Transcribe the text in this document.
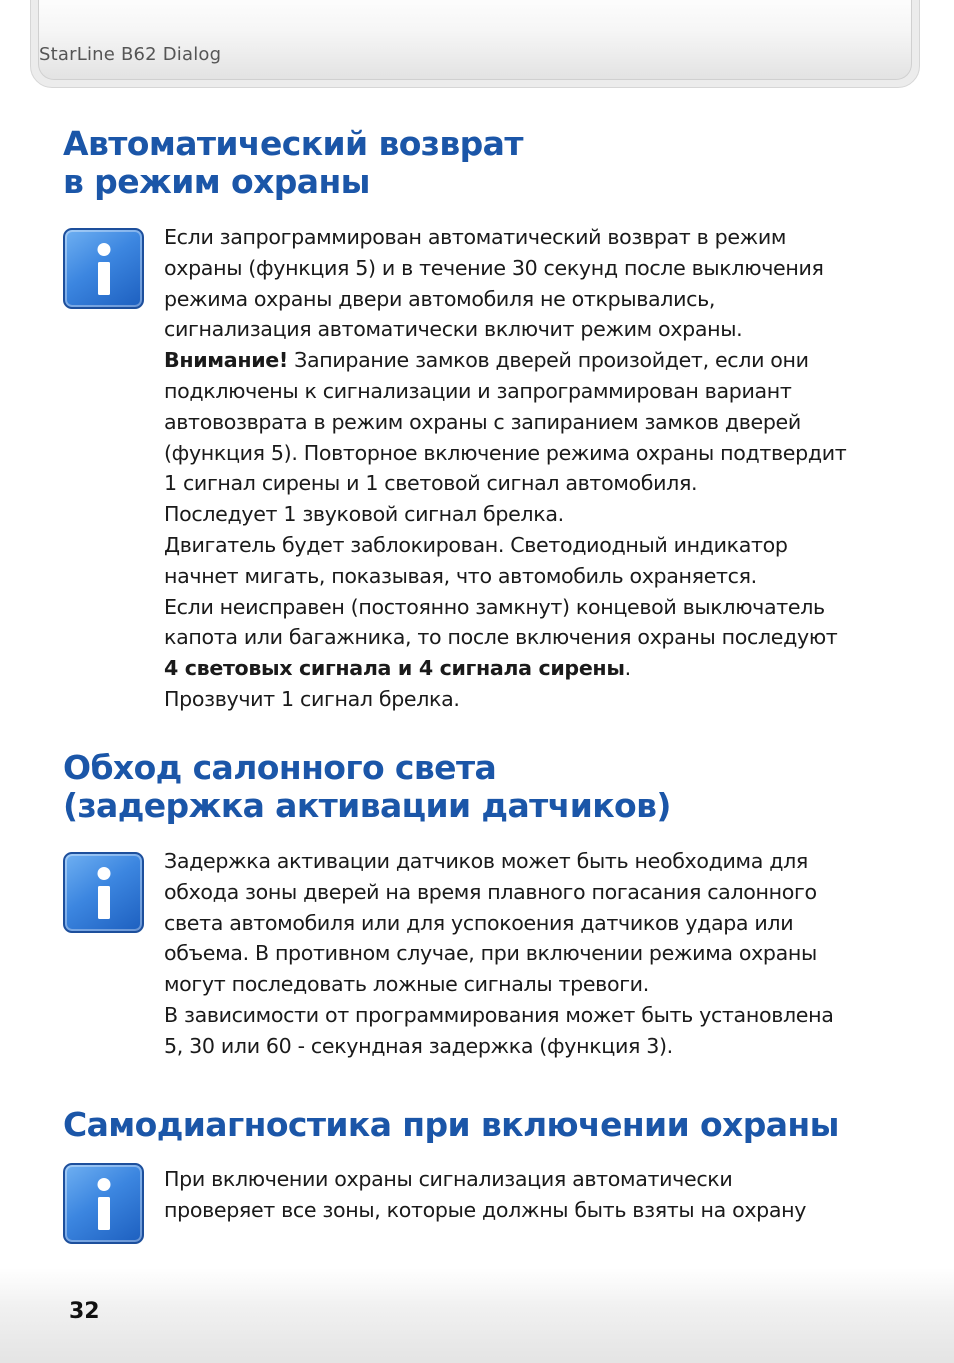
StarLine B62 Dialog
Автоматический возврат
в режим охраны
Если запрограммирован автоматический возврат в режим
охраны (функция 5) и в течение 30 секунд после выключения
режима охраны двери автомобиля не открывались,
сигнализация автоматически включит режим охраны.
Внимание! Запирание замков дверей произойдет, если они
подключены к сигнализации и запрограммирован вариант
автовозврата в режим охраны с запиранием замков дверей
(функция 5). Повторное включение режима охраны подтвердит
1 сигнал сирены и 1 световой сигнал автомобиля.
Последует 1 звуковой сигнал брелка.
Двигатель будет заблокирован. Светодиодный индикатор
начнет мигать, показывая, что автомобиль охраняется.
Если неисправен (постоянно замкнут) концевой выключатель
капота или багажника, то после включения охраны последуют
4 световых сигнала и 4 сигнала сирены.
Прозвучит 1 сигнал брелка.
Обход салонного света
(задержка активации датчиков)
Задержка активации датчиков может быть необходима для
обхода зоны дверей на время плавного погасания салонного
света автомобиля или для успокоения датчиков удара или
объема. В противном случае, при включении режима охраны
могут последовать ложные сигналы тревоги.
В зависимости от программирования может быть установлена
5, 30 или 60 - секундная задержка (функция 3).
Самодиагностика при включении охраны
При включении охраны сигнализация автоматически
проверяет все зоны, которые должны быть взяты на охрану
32
